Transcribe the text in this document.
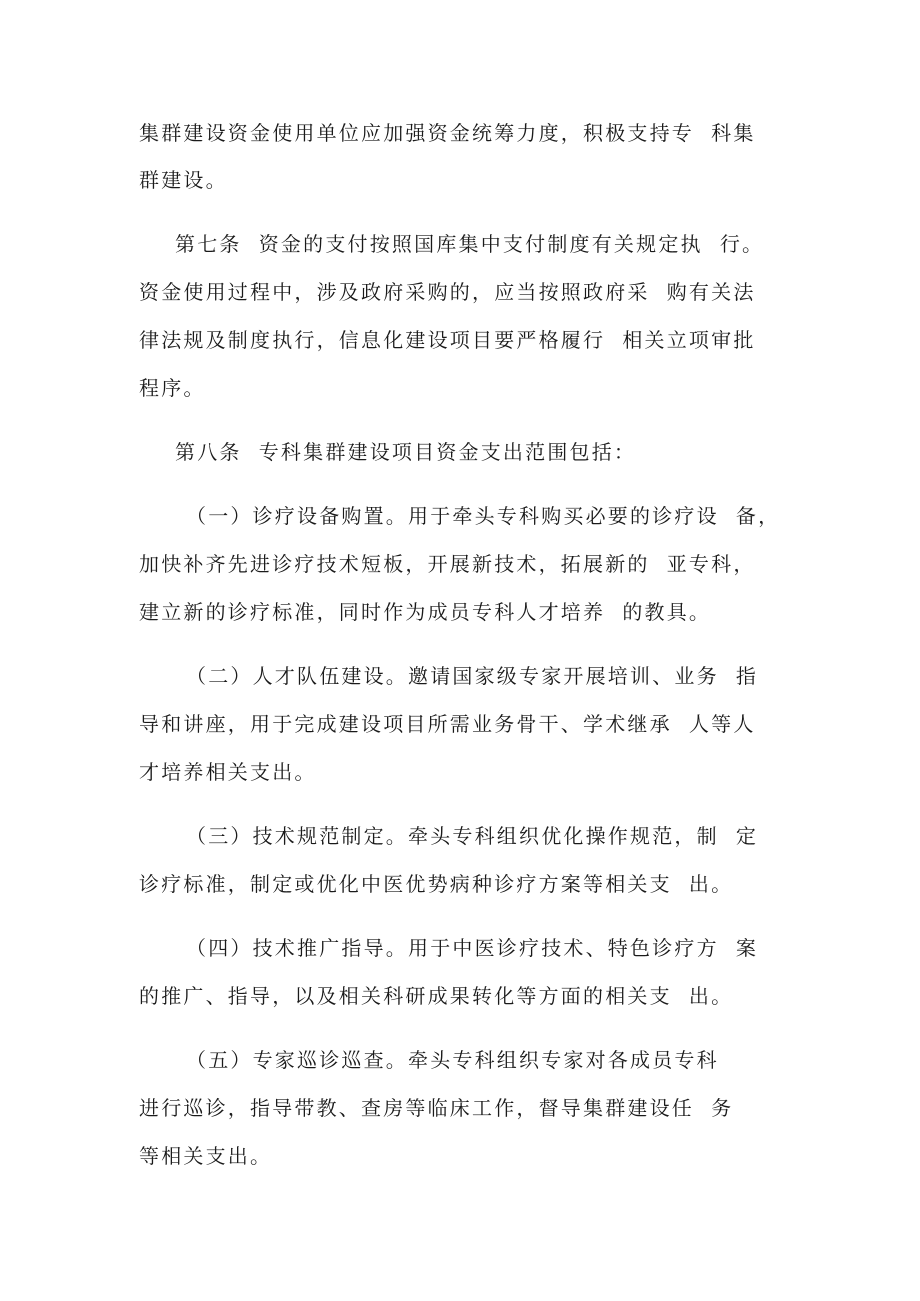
集群建设资金使用单位应加强资金统筹力度，积极支持专  科集

群建设。

第七条  资金的支付按照国库集中支付制度有关规定执  行。

资金使用过程中，涉及政府采购的，应当按照政府采  购有关法

律法规及制度执行，信息化建设项目要严格履行  相关立项审批

程序。

第八条  专科集群建设项目资金支出范围包括：

（一）诊疗设备购置。用于牵头专科购买必要的诊疗设  备，

加快补齐先进诊疗技术短板，开展新技术，拓展新的  亚专科，

建立新的诊疗标准，同时作为成员专科人才培养  的教具。

（二）人才队伍建设。邀请国家级专家开展培训、业务  指

导和讲座，用于完成建设项目所需业务骨干、学术继承  人等人

才培养相关支出。

（三）技术规范制定。牵头专科组织优化操作规范，制  定

诊疗标准，制定或优化中医优势病种诊疗方案等相关支  出。

（四）技术推广指导。用于中医诊疗技术、特色诊疗方  案

的推广、指导，以及相关科研成果转化等方面的相关支  出。

（五）专家巡诊巡查。牵头专科组织专家对各成员专科

进行巡诊，指导带教、查房等临床工作，督导集群建设任  务

等相关支出。
